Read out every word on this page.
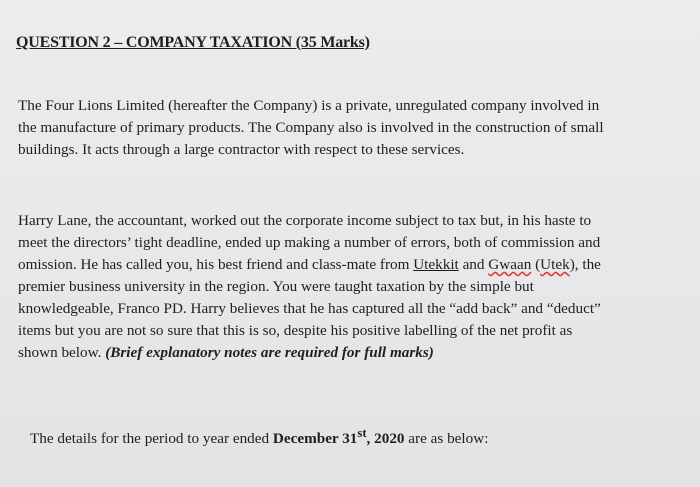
QUESTION 2 – COMPANY TAXATION (35 Marks)

The Four Lions Limited (hereafter the Company) is a private, unregulated company involved in
the manufacture of primary products. The Company also is involved in the construction of small
buildings. It acts through a large contractor with respect to these services.

Harry Lane, the accountant, worked out the corporate income subject to tax but, in his haste to
meet the directors’ tight deadline, ended up making a number of errors, both of commission and
omission. He has called you, his best friend and class-mate from Utekkit and Gwaan (Utek), the
premier business university in the region. You were taught taxation by the simple but
knowledgeable, Franco PD. Harry believes that he has captured all the “add back” and “deduct”
items but you are not so sure that this is so, despite his positive labelling of the net profit as
shown below. (Brief explanatory notes are required for full marks)

The details for the period to year ended December 31st, 2020 are as below:
